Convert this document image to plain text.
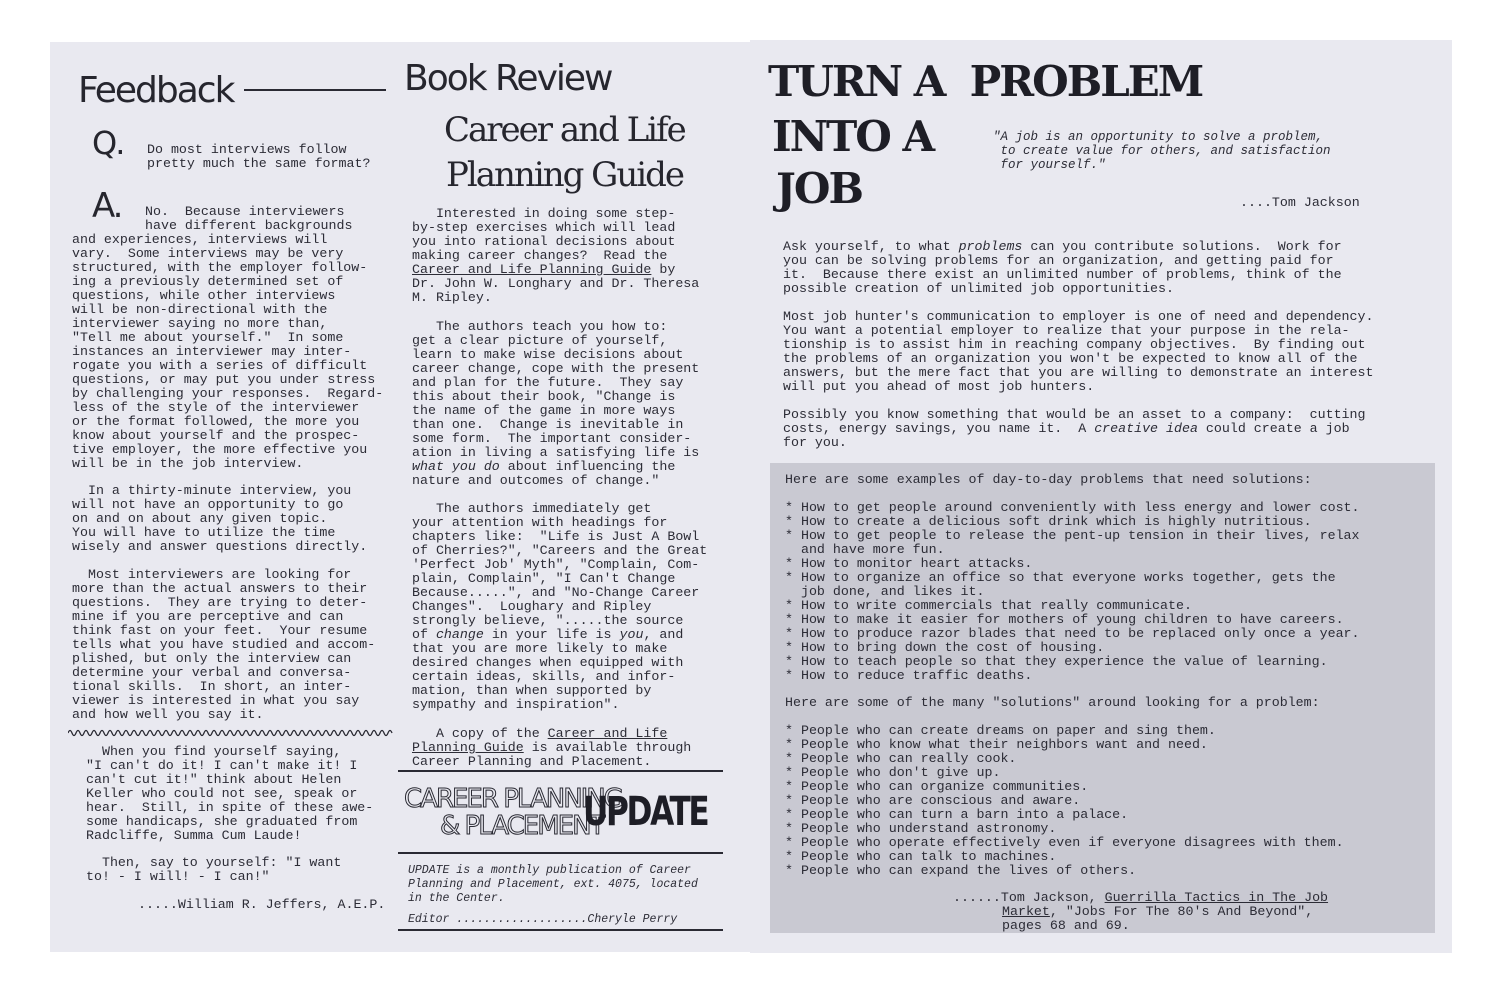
Feedback
Q. Do most interviews follow
pretty much the same format?
A. No.  Because interviewers
have different backgrounds
and experiences, interviews will
vary.  Some interviews may be very
structured, with the employer follow-
ing a previously determined set of
questions, while other interviews
will be non-directional with the
interviewer saying no more than,
"Tell me about yourself."  In some
instances an interviewer may inter-
rogate you with a series of difficult
questions, or may put you under stress
by challenging your responses.  Regard-
less of the style of the interviewer
or the format followed, the more you
know about yourself and the prospec-
tive employer, the more effective you
will be in the job interview.
In a thirty-minute interview, you
will not have an opportunity to go
on and on about any given topic.
You will have to utilize the time
wisely and answer questions directly.
Most interviewers are looking for
more than the actual answers to their
questions.  They are trying to deter-
mine if you are perceptive and can
think fast on your feet.  Your resume
tells what you have studied and accom-
plished, but only the interview can
determine your verbal and conversa-
tional skills.  In short, an inter-
viewer is interested in what you say
and how well you say it.
When you find yourself saying,
"I can't do it! I can't make it! I
can't cut it!" think about Helen
Keller who could not see, speak or
hear.  Still, in spite of these awe-
some handicaps, she graduated from
Radcliffe, Summa Cum Laude!
Then, say to yourself: "I want
to! - I will! - I can!"
.....William R. Jeffers, A.E.P.
Book Review
Career and Life
Planning Guide
Interested in doing some step-
by-step exercises which will lead
you into rational decisions about
making career changes?  Read the
Career and Life Planning Guide by
Dr. John W. Longhary and Dr. Theresa
M. Ripley.
The authors teach you how to:
get a clear picture of yourself,
learn to make wise decisions about
career change, cope with the present
and plan for the future.  They say
this about their book, "Change is
the name of the game in more ways
than one.  Change is inevitable in
some form.  The important consider-
ation in living a satisfying life is
what you do about influencing the
nature and outcomes of change."
The authors immediately get
your attention with headings for
chapters like:  "Life is Just A Bowl
of Cherries?", "Careers and the Great
'Perfect Job' Myth", "Complain, Com-
plain, Complain", "I Can't Change
Because.....", and "No-Change Career
Changes".  Loughary and Ripley
strongly believe, ".....the source
of change in your life is you, and
that you are more likely to make
desired changes when equipped with
certain ideas, skills, and infor-
mation, than when supported by
sympathy and inspiration".
A copy of the Career and Life
Planning Guide is available through
Career Planning and Placement.
CAREER PLANNING
& PLACEMENT
UPDATE
UPDATE is a monthly publication of Career
Planning and Placement, ext. 4075, located
in the Center.
Editor ...................Cheryle Perry
TURN A  PROBLEM
INTO A
JOB
"A job is an opportunity to solve a problem,
to create value for others, and satisfaction
for yourself."
....Tom Jackson
Ask yourself, to what problems can you contribute solutions.  Work for
you can be solving problems for an organization, and getting paid for
it.  Because there exist an unlimited number of problems, think of the
possible creation of unlimited job opportunities.
Most job hunter's communication to employer is one of need and dependency.
You want a potential employer to realize that your purpose in the rela-
tionship is to assist him in reaching company objectives.  By finding out
the problems of an organization you won't be expected to know all of the
answers, but the mere fact that you are willing to demonstrate an interest
will put you ahead of most job hunters.
Possibly you know something that would be an asset to a company:  cutting
costs, energy savings, you name it.  A creative idea could create a job
for you.
Here are some examples of day-to-day problems that need solutions:
* How to get people around conveniently with less energy and lower cost.
* How to create a delicious soft drink which is highly nutritious.
* How to get people to release the pent-up tension in their lives, relax
and have more fun.
* How to monitor heart attacks.
* How to organize an office so that everyone works together, gets the
job done, and likes it.
* How to write commercials that really communicate.
* How to make it easier for mothers of young children to have careers.
* How to produce razor blades that need to be replaced only once a year.
* How to bring down the cost of housing.
* How to teach people so that they experience the value of learning.
* How to reduce traffic deaths.
Here are some of the many "solutions" around looking for a problem:
* People who can create dreams on paper and sing them.
* People who know what their neighbors want and need.
* People who can really cook.
* People who don't give up.
* People who can organize communities.
* People who are conscious and aware.
* People who can turn a barn into a palace.
* People who understand astronomy.
* People who operate effectively even if everyone disagrees with them.
* People who can talk to machines.
* People who can expand the lives of others.
......Tom Jackson, Guerrilla Tactics in The Job
Market, "Jobs For The 80's And Beyond",
pages 68 and 69.
